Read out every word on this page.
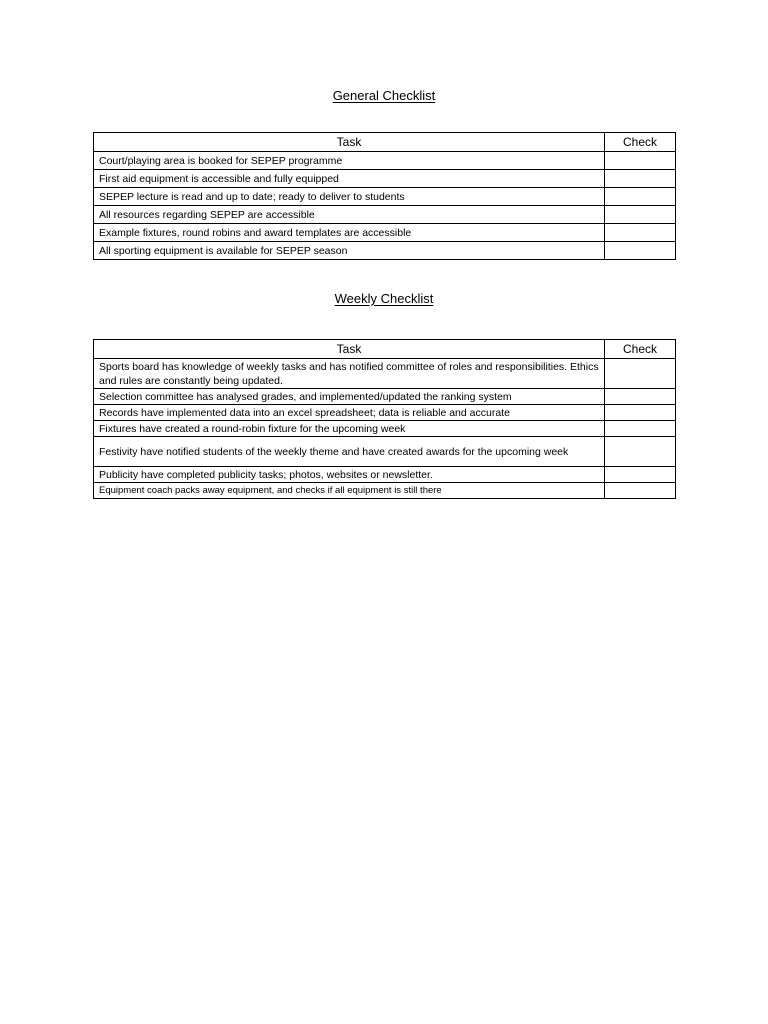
General Checklist
Task	Check
Court/playing area is booked for SEPEP programme	
First aid equipment is accessible and fully equipped	
SEPEP lecture is read and up to date; ready to deliver to students	
All resources regarding SEPEP are accessible	
Example fixtures, round robins and award templates are accessible	
All sporting equipment is available for SEPEP season	
Weekly Checklist
Task	Check
Sports board has knowledge of weekly tasks and has notified committee of roles and responsibilities. Ethics and rules are constantly being updated.	
Selection committee has analysed grades, and implemented/updated the ranking system	
Records have implemented data into an excel spreadsheet; data is reliable and accurate	
Fixtures have created a round-robin fixture for the upcoming week	
Festivity have notified students of the weekly theme and have created awards for the upcoming week	
Publicity have completed publicity tasks; photos, websites or newsletter.	
Equipment coach packs away equipment, and checks if all equipment is still there	
